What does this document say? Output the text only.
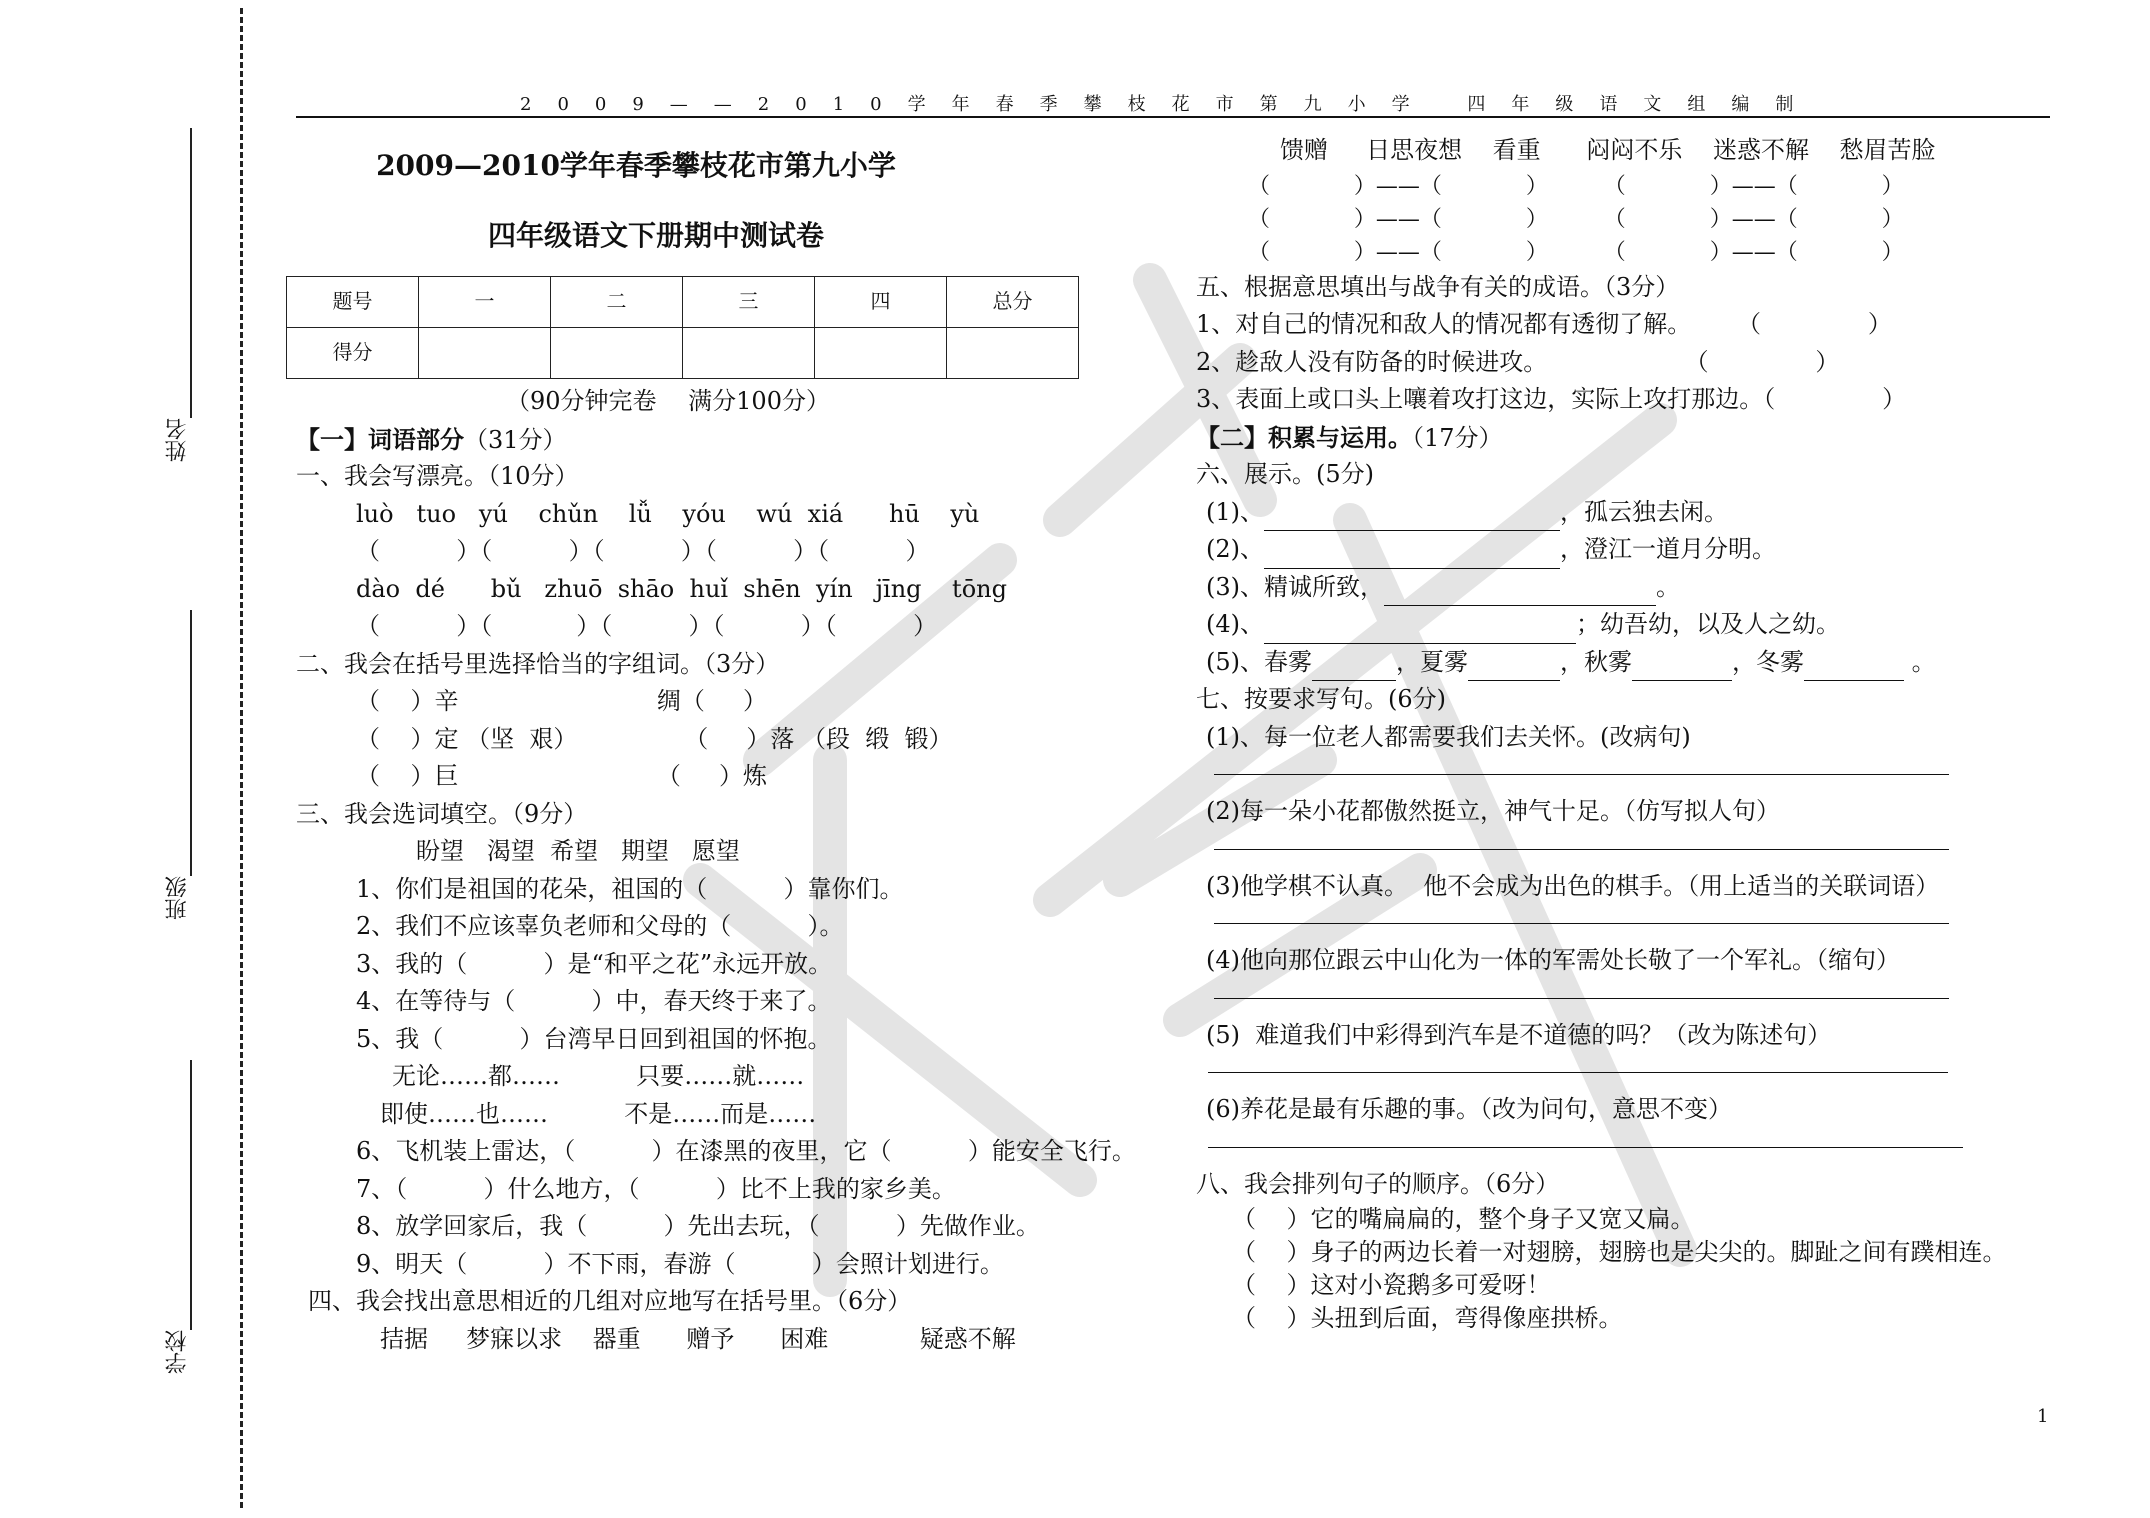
姓名
班级
学校
2009——2010学年春季攀枝花市第九小学 四年级语文组编制
2009—2010学年春季攀枝花市第九小学
四年级语文下册期中测试卷
题号	一	二	三	四	总分
得分					
（90分钟完卷　 满分100分）
【一】词语部分（31分）
一、我会写漂亮。（10分）
luò   tuo   yú    chǔn    lǚ    yóu    wú  xiá      hū    yù
（          ）（          ）（          ）（          ）（          ）
dào  dé      bǔ   zhuō  shāo  huǐ  shēn  yín   jīng    tōng
（          ）（           ）（          ）（          ）（          ）
二、我会在括号里选择恰当的字组词。（3分）
（    ）辛                          绸（     ）
（    ）定 （坚  艰）              （     ）落 （段  缎  锻）
（    ）巨                          （     ）炼
三、我会选词填空。（9分）
盼望   渴望  希望   期望   愿望
1、你们是祖国的花朵，祖国的（          ）靠你们。
2、我们不应该辜负老师和父母的（          ）。
3、我的（          ）是“和平之花”永远开放。
4、在等待与（          ）中，春天终于来了。
5、我（          ）台湾早日回到祖国的怀抱。
无论……都……          只要……就……
即使……也……          不是……而是……
6、飞机装上雷达，（          ）在漆黑的夜里，它（          ）能安全飞行。
7、（          ）什么地方，（          ）比不上我的家乡美。
8、放学回家后，我（          ）先出去玩，（          ）先做作业。
9、明天（          ）不下雨，春游（          ）会照计划进行。
四、我会找出意思相近的几组对应地写在括号里。（6分）
拮据     梦寐以求    器重      赠予      困难            疑惑不解
馈赠     日思夜想    看重      闷闷不乐    迷惑不解    愁眉苦脸
（            ）——（            ）        （            ）——（            ）
（            ）——（            ）        （            ）——（            ）
（            ）——（            ）        （            ）——（            ）
五、根据意思填出与战争有关的成语。（3分）
1、对自己的情况和敌人的情况都有透彻了解。      （              ）
2、趁敌人没有防备的时候进攻。                  （              ）
3、表面上或口头上嚷着攻打这边，实际上攻打那边。（              ）
【二】积累与运用。（17分）
六、展示。(5分)
(1)、	，孤云独去闲。
(2)、	，澄江一道月分明。
(3)、精诚所致，	。
(4)、	；幼吾幼，以及人之幼。
(5)、春雾	，夏雾	，秋雾	，冬雾	。
七、按要求写句。(6分)
(1)、每一位老人都需要我们去关怀。(改病句)
(2)每一朵小花都傲然挺立，神气十足。（仿写拟人句）
(3)他学棋不认真。  他不会成为出色的棋手。（用上适当的关联词语）
(4)他向那位跟云中山化为一体的军需处长敬了一个军礼。（缩句）
(5)  难道我们中彩得到汽车是不道德的吗？（改为陈述句）
(6)养花是最有乐趣的事。（改为问句，意思不变）
八、我会排列句子的顺序。（6分）
（    ）它的嘴扁扁的，整个身子又宽又扁。
（    ）身子的两边长着一对翅膀，翅膀也是尖尖的。脚趾之间有蹼相连。
（    ）这对小瓷鹅多可爱呀！
（    ）头扭到后面，弯得像座拱桥。
1
